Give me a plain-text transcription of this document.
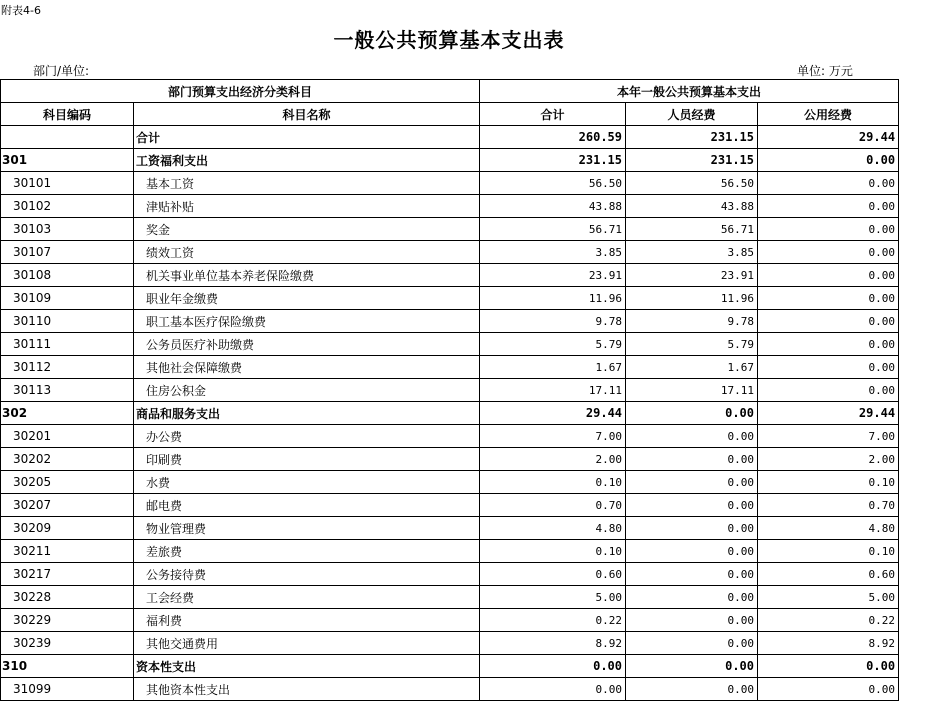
附表4-6
一般公共预算基本支出表
部门/单位:	单位: 万元
部门预算支出经济分类科目		本年一般公共预算基本支出		
科目编码	科目名称	合计	人员经费	公用经费
	合计	260.59	231.15	29.44
301	工资福利支出	231.15	231.15	0.00
30101	基本工资	56.50	56.50	0.00
30102	津贴补贴	43.88	43.88	0.00
30103	奖金	56.71	56.71	0.00
30107	绩效工资	3.85	3.85	0.00
30108	机关事业单位基本养老保险缴费	23.91	23.91	0.00
30109	职业年金缴费	11.96	11.96	0.00
30110	职工基本医疗保险缴费	9.78	9.78	0.00
30111	公务员医疗补助缴费	5.79	5.79	0.00
30112	其他社会保障缴费	1.67	1.67	0.00
30113	住房公积金	17.11	17.11	0.00
302	商品和服务支出	29.44	0.00	29.44
30201	办公费	7.00	0.00	7.00
30202	印刷费	2.00	0.00	2.00
30205	水费	0.10	0.00	0.10
30207	邮电费	0.70	0.00	0.70
30209	物业管理费	4.80	0.00	4.80
30211	差旅费	0.10	0.00	0.10
30217	公务接待费	0.60	0.00	0.60
30228	工会经费	5.00	0.00	5.00
30229	福利费	0.22	0.00	0.22
30239	其他交通费用	8.92	0.00	8.92
310	资本性支出	0.00	0.00	0.00
31099	其他资本性支出	0.00	0.00	0.00
